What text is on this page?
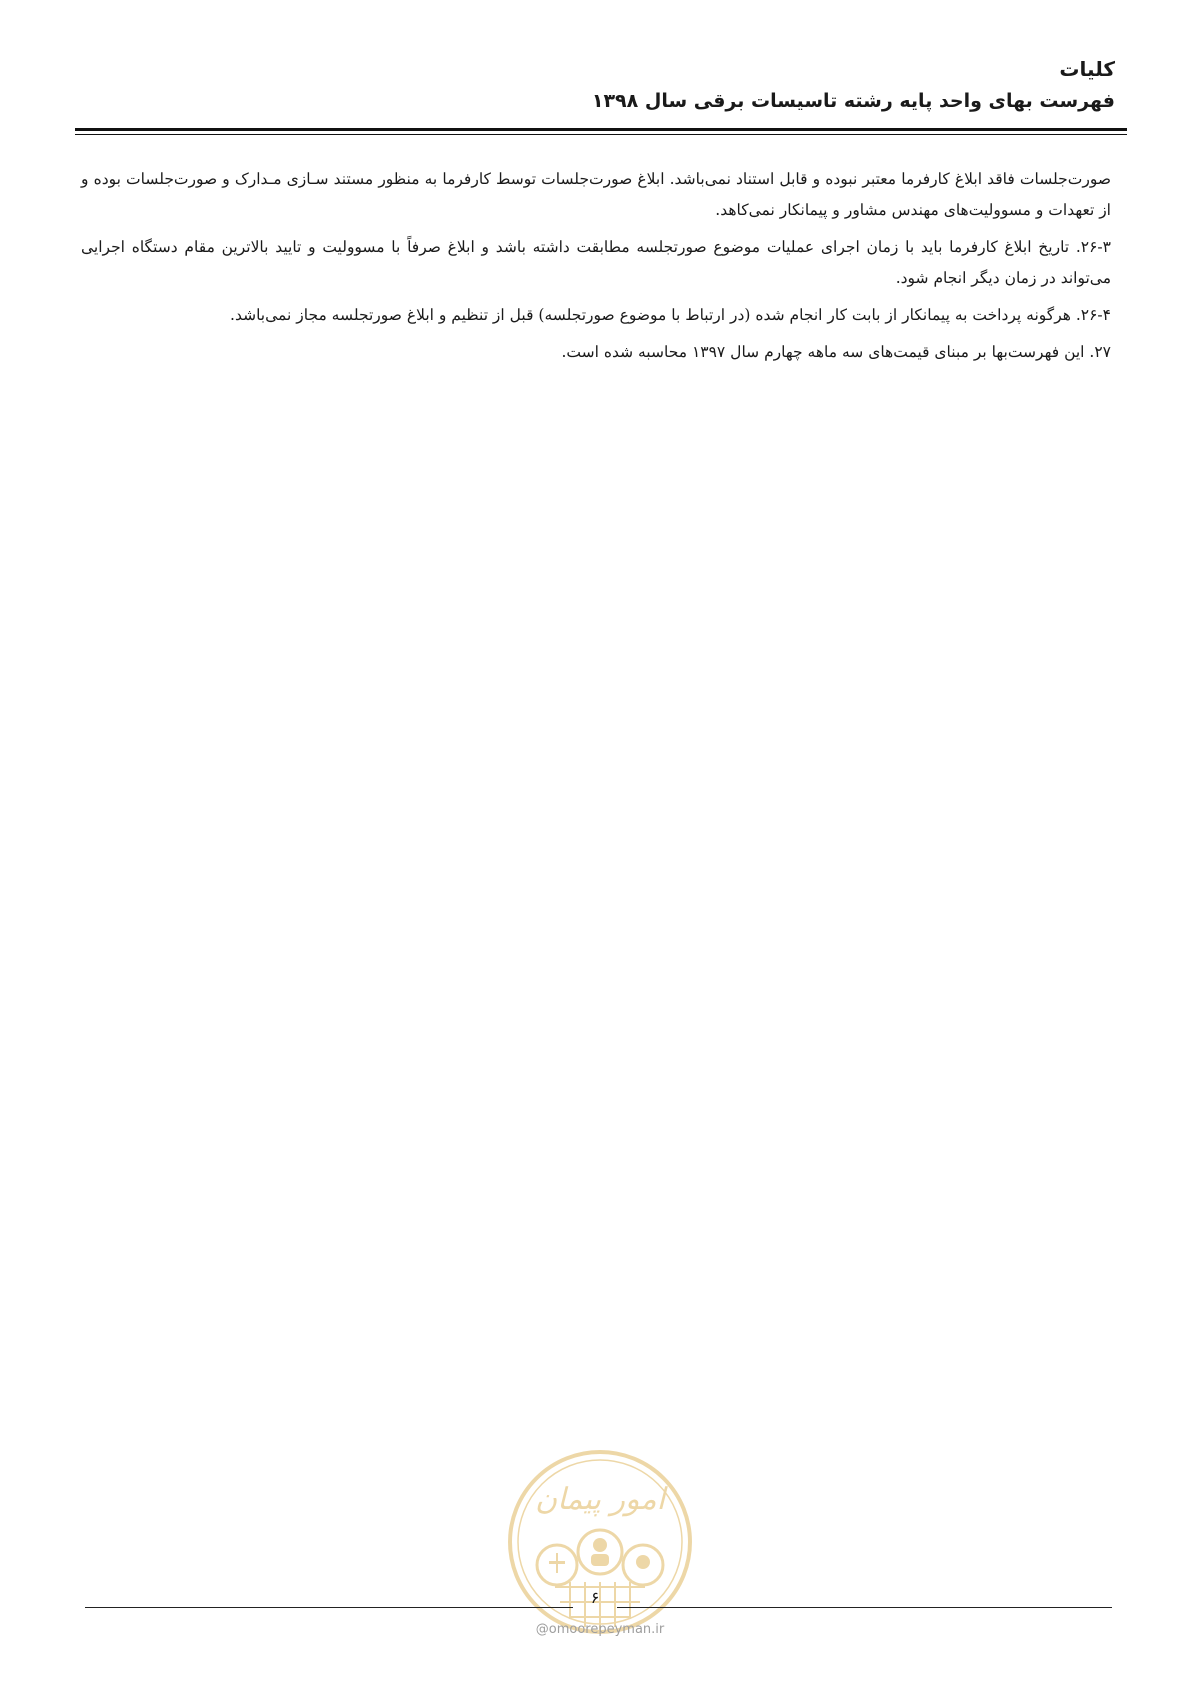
کلیات
فهرست بهای واحد پایه رشته تاسیسات برقی سال ۱۳۹۸

صورت‌جلسات فاقد ابلاغ کارفرما معتبر نبوده و قابل استناد نمی‌باشد. ابلاغ صورت‌جلسات توسط کارفرما به منظور مستند سـازی مـدارک و صورت‌جلسات بوده و از تعهدات و مسوولیت‌های مهندس مشاور و پیمانکار نمی‌کاهد.

۲۶-۳. تاریخ ابلاغ کارفرما باید با زمان اجرای عملیات موضوع صورتجلسه مطابقت داشته باشد و ابلاغ صرفاً با مسوولیت و تایید بالاترین مقام دستگاه اجرایی می‌تواند در زمان دیگر انجام شود.

۲۶-۴. هرگونه پرداخت به پیمانکار از بابت کار انجام شده (در ارتباط با موضوع صورتجلسه) قبل از تنظیم و ابلاغ صورتجلسه مجاز نمی‌باشد.

۲۷. این فهرست‌بها بر مبنای قیمت‌های سه ماهه چهارم سال ۱۳۹۷ محاسبه شده است.

امور پیمان
۶
@omoorepeyman.ir
